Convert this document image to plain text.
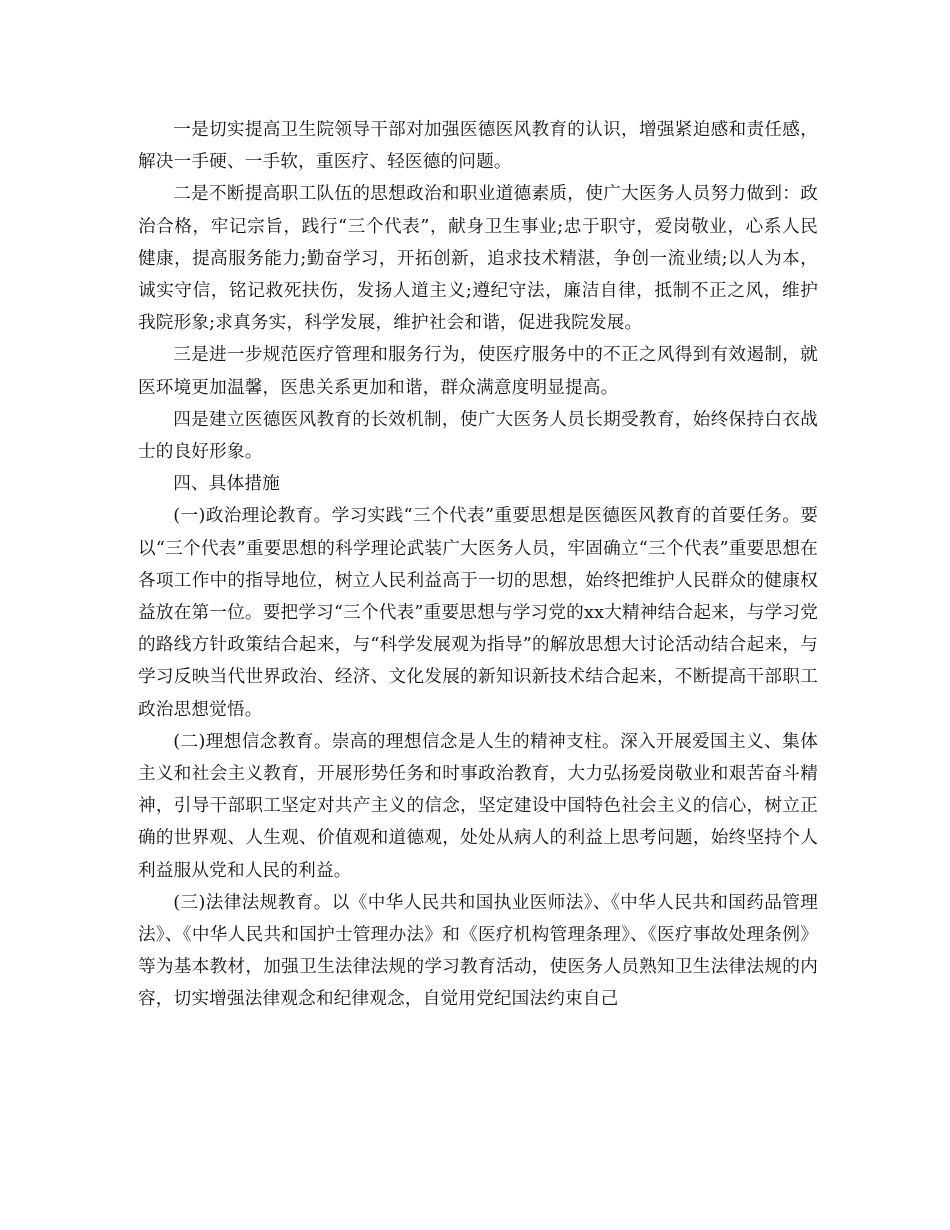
一是切实提高卫生院领导干部对加强医德医风教育的认识，增强紧迫感和责任感，解决一手硬、一手软，重医疗、轻医德的问题。

二是不断提高职工队伍的思想政治和职业道德素质，使广大医务人员努力做到：政治合格，牢记宗旨，践行“三个代表”，献身卫生事业;忠于职守，爱岗敬业，心系人民健康，提高服务能力;勤奋学习，开拓创新，追求技术精湛，争创一流业绩;以人为本，诚实守信，铭记救死扶伤，发扬人道主义;遵纪守法，廉洁自律，抵制不正之风，维护我院形象;求真务实，科学发展，维护社会和谐，促进我院发展。

三是进一步规范医疗管理和服务行为，使医疗服务中的不正之风得到有效遏制，就医环境更加温馨，医患关系更加和谐，群众满意度明显提高。

四是建立医德医风教育的长效机制，使广大医务人员长期受教育，始终保持白衣战士的良好形象。

四、具体措施

(一)政治理论教育。学习实践“三个代表”重要思想是医德医风教育的首要任务。要以“三个代表”重要思想的科学理论武装广大医务人员，牢固确立“三个代表”重要思想在各项工作中的指导地位，树立人民利益高于一切的思想，始终把维护人民群众的健康权益放在第一位。要把学习“三个代表”重要思想与学习党的xx大精神结合起来，与学习党的路线方针政策结合起来，与“科学发展观为指导”的解放思想大讨论活动结合起来，与学习反映当代世界政治、经济、文化发展的新知识新技术结合起来，不断提高干部职工政治思想觉悟。

(二)理想信念教育。崇高的理想信念是人生的精神支柱。深入开展爱国主义、集体主义和社会主义教育，开展形势任务和时事政治教育，大力弘扬爱岗敬业和艰苦奋斗精神，引导干部职工坚定对共产主义的信念，坚定建设中国特色社会主义的信心，树立正确的世界观、人生观、价值观和道德观，处处从病人的利益上思考问题，始终坚持个人利益服从党和人民的利益。

(三)法律法规教育。以《中华人民共和国执业医师法》、《中华人民共和国药品管理法》、《中华人民共和国护士管理办法》和《医疗机构管理条理》、《医疗事故处理条例》等为基本教材，加强卫生法律法规的学习教育活动，使医务人员熟知卫生法律法规的内容，切实增强法律观念和纪律观念，自觉用党纪国法约束自己
